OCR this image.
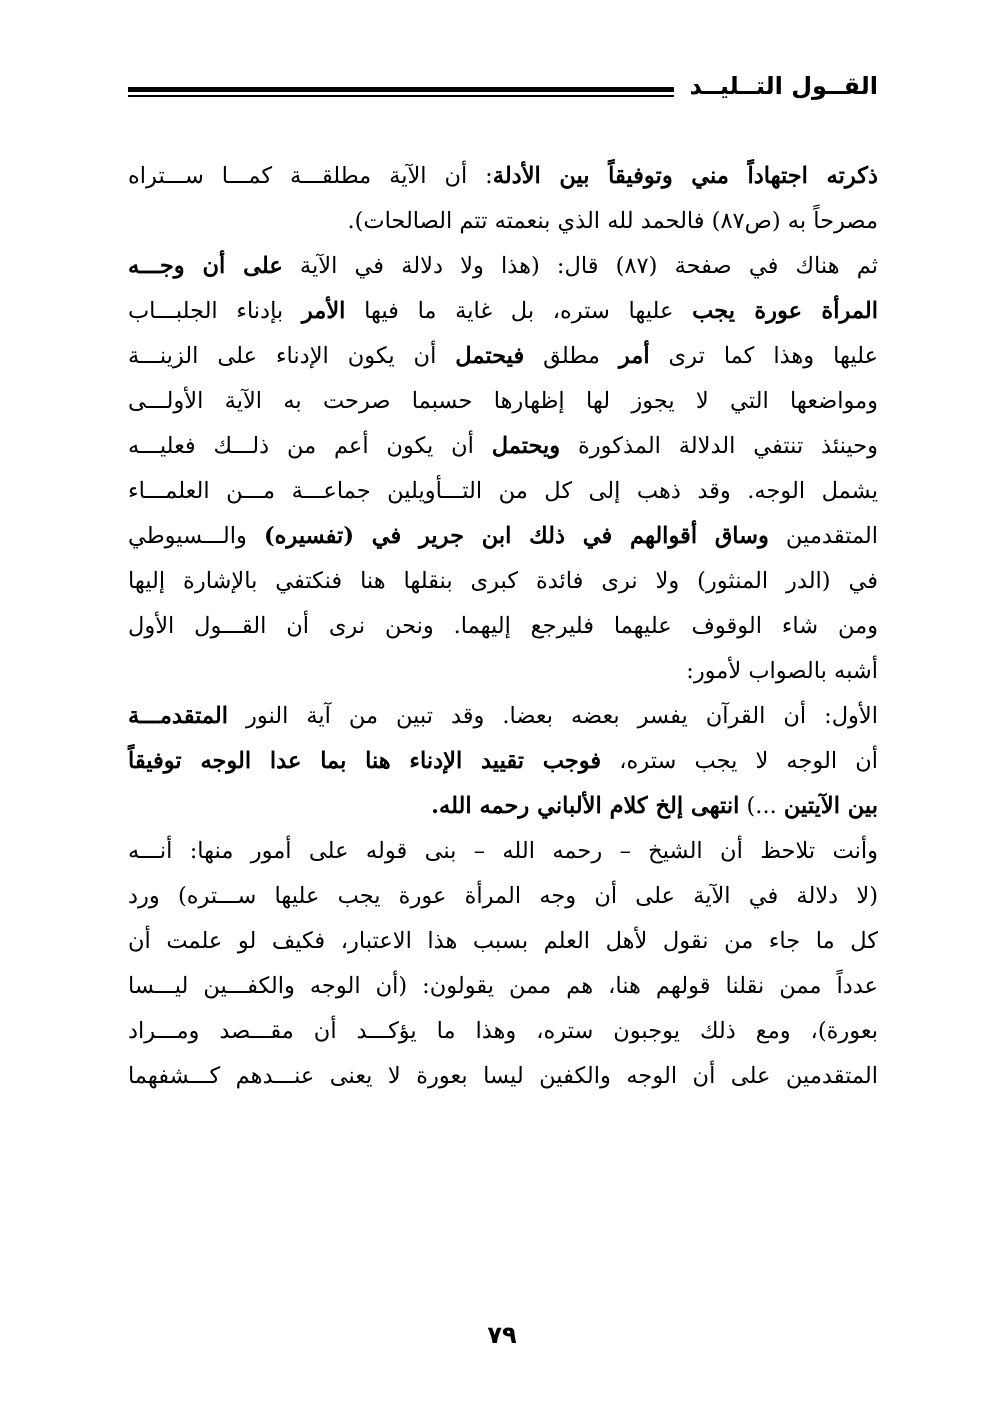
القــول التــليــد

ذكرته اجتهاداً مني وتوفيقاً بين الأدلة: أن الآية مطلقـــة كمـــا ســـتراه

مصرحاً به (ص٨٧) فالحمد لله الذي بنعمته تتم الصالحات).

ثم هناك في صفحة (٨٧) قال: (هذا ولا دلالة في الآية على أن وجـــه

المرأة عورة يجب عليها ستره، بل غاية ما فيها الأمر بإدناء الجلبـــاب

عليها وهذا كما ترى أمر مطلق فيحتمل أن يكون الإدناء على الزينـــة

ومواضعها التي لا يجوز لها إظهارها حسبما صرحت به الآية الأولـــى

وحينئذ تنتفي الدلالة المذكورة ويحتمل أن يكون أعم من ذلـــك فعليـــه

يشمل الوجه. وقد ذهب إلى كل من التـــأويلين جماعـــة مـــن العلمـــاء

المتقدمين وساق أقوالهم في ذلك ابن جرير في (تفسيره) والـــسيوطي

في (الدر المنثور) ولا نرى فائدة كبرى بنقلها هنا فنكتفي بالإشارة إليها

ومن شاء الوقوف عليهما فليرجع إليهما. ونحن نرى أن القـــول الأول

أشبه بالصواب لأمور:

الأول: أن القرآن يفسر بعضه بعضا. وقد تبين من آية النور المتقدمـــة

أن الوجه لا يجب ستره، فوجب تقييد الإدناء هنا بما عدا الوجه توفيقاً

بين الآيتين ...) انتهى إلخ كلام الألباني رحمه الله.

وأنت تلاحظ أن الشيخ – رحمه الله – بنى قوله على أمور منها: أنـــه

(لا دلالة في الآية على أن وجه المرأة عورة يجب عليها ســـتره) ورد

كل ما جاء من نقول لأهل العلم بسبب هذا الاعتبار، فكيف لو علمت أن

عدداً ممن نقلنا قولهم هنا، هم ممن يقولون: (أن الوجه والكفـــين ليـــسا

بعورة)، ومع ذلك يوجبون ستره، وهذا ما يؤكـــد أن مقـــصد ومـــراد

المتقدمين على أن الوجه والكفين ليسا بعورة لا يعنى عنـــدهم كـــشفهما

٧٩
